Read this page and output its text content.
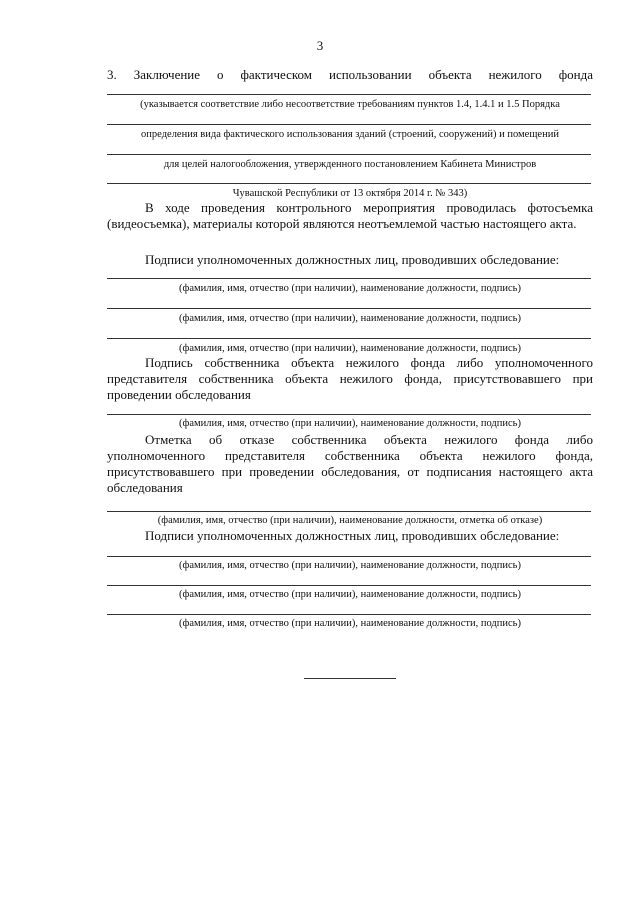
3
3. Заключение о фактическом использовании объекта нежилого фонда
(указывается соответствие либо несоответствие требованиям пунктов 1.4, 1.4.1 и 1.5 Порядка
определения вида фактического использования зданий (строений, сооружений) и помещений
для целей налогообложения, утвержденного постановлением Кабинета Министров
Чувашской Республики от 13 октября 2014 г. № 343)
В ходе проведения контрольного мероприятия проводилась фотосъемка (видеосъемка), материалы которой являются неотъемлемой частью настоящего акта.
Подписи уполномоченных должностных лиц, проводивших обследование:
(фамилия, имя, отчество (при наличии), наименование должности, подпись)
(фамилия, имя, отчество (при наличии), наименование должности, подпись)
(фамилия, имя, отчество (при наличии), наименование должности, подпись)
Подпись собственника объекта нежилого фонда либо уполномоченного представителя собственника объекта нежилого фонда, присутствовавшего при проведении обследования
(фамилия, имя, отчество (при наличии), наименование должности, подпись)
Отметка об отказе собственника объекта нежилого фонда либо уполномоченного представителя собственника объекта нежилого фонда, присутствовавшего при проведении обследования, от подписания настоящего акта обследования
(фамилия, имя, отчество (при наличии), наименование должности, отметка об отказе)
Подписи уполномоченных должностных лиц, проводивших обследование:
(фамилия, имя, отчество (при наличии), наименование должности, подпись)
(фамилия, имя, отчество (при наличии), наименование должности, подпись)
(фамилия, имя, отчество (при наличии), наименование должности, подпись)
